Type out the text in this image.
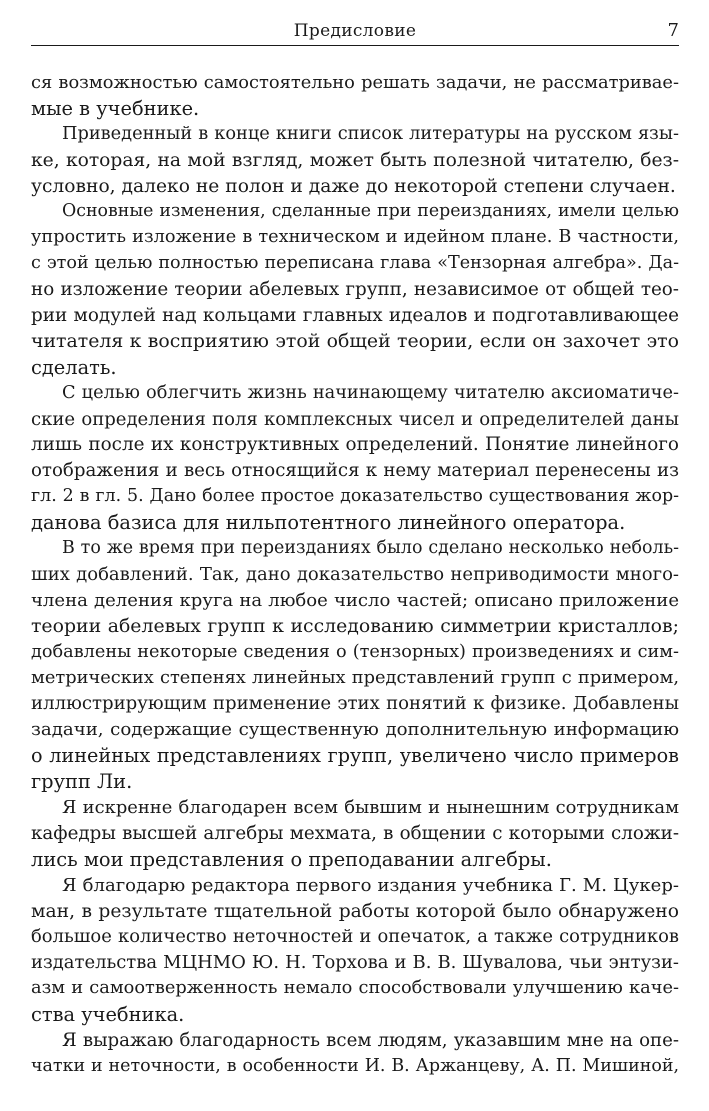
Предисловие	7
ся возможностью самостоятельно решать задачи, не рассматривае-
мые в учебнике.
Приведенный в конце книги список литературы на русском язы-
ке, которая, на мой взгляд, может быть полезной читателю, без-
условно, далеко не полон и даже до некоторой степени случаен.
Основные изменения, сделанные при переизданиях, имели целью
упростить изложение в техническом и идейном плане. В частности,
с этой целью полностью переписана глава «Тензорная алгебра». Да-
но изложение теории абелевых групп, независимое от общей тео-
рии модулей над кольцами главных идеалов и подготавливающее
читателя к восприятию этой общей теории, если он захочет это
сделать.
С целью облегчить жизнь начинающему читателю аксиоматиче-
ские определения поля комплексных чисел и определителей даны
лишь после их конструктивных определений. Понятие линейного
отображения и весь относящийся к нему материал перенесены из
гл. 2 в гл. 5. Дано более простое доказательство существования жор-
данова базиса для нильпотентного линейного оператора.
В то же время при переизданиях было сделано несколько неболь-
ших добавлений. Так, дано доказательство неприводимости много-
члена деления круга на любое число частей; описано приложение
теории абелевых групп к исследованию симметрии кристаллов;
добавлены некоторые сведения о (тензорных) произведениях и сим-
метрических степенях линейных представлений групп с примером,
иллюстрирующим применение этих понятий к физике. Добавлены
задачи, содержащие существенную дополнительную информацию
о линейных представлениях групп, увеличено число примеров
групп Ли.
Я искренне благодарен всем бывшим и нынешним сотрудникам
кафедры высшей алгебры мехмата, в общении с которыми сложи-
лись мои представления о преподавании алгебры.
Я благодарю редактора первого издания учебника Г. М. Цукер-
ман, в результате тщательной работы которой было обнаружено
большое количество неточностей и опечаток, а также сотрудников
издательства МЦНМО Ю. Н. Торхова и В. В. Шувалова, чьи энтузи-
азм и самоотверженность немало способствовали улучшению каче-
ства учебника.
Я выражаю благодарность всем людям, указавшим мне на опе-
чатки и неточности, в особенности И. В. Аржанцеву, А. П. Мишиной,
